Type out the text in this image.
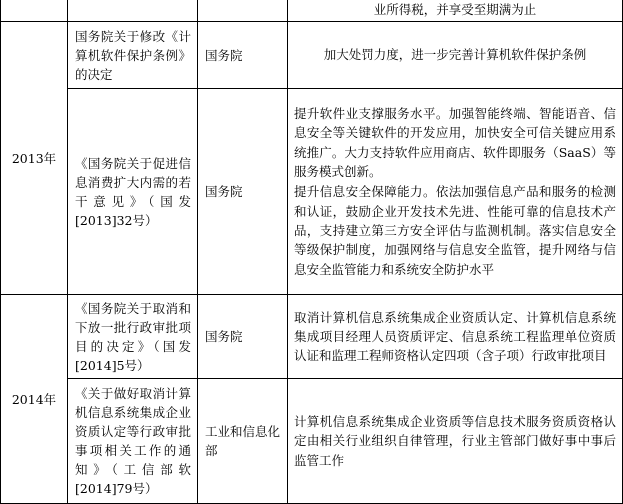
			业所得税，并享受至期满为止

2013年	国务院关于修改《计算机软件保护条例》的决定	国务院	加大处罚力度，进一步完善计算机软件保护条例

	《国务院关于促进信息消费扩大内需的若干意见》（国发[2013]32号）	国务院	提升软件业支撑服务水平。加强智能终端、智能语音、信息安全等关键软件的开发应用，加快安全可信关键应用系统推广。大力支持软件应用商店、软件即服务（SaaS）等服务模式创新。
提升信息安全保障能力。依法加强信息产品和服务的检测和认证，鼓励企业开发技术先进、性能可靠的信息技术产品，支持建立第三方安全评估与监测机制。落实信息安全等级保护制度，加强网络与信息安全监管，提升网络与信息安全监管能力和系统安全防护水平

2014年	《国务院关于取消和下放一批行政审批项目的决定》（国发[2014]5号）	国务院	取消计算机信息系统集成企业资质认定、计算机信息系统集成项目经理人员资质评定、信息系统工程监理单位资质认证和监理工程师资格认定四项（含子项）行政审批项目

	《关于做好取消计算机信息系统集成企业资质认定等行政审批事项相关工作的通知》（工信部软[2014]79号）	工业和信息化部	计算机信息系统集成企业资质等信息技术服务资质资格认定由相关行业组织自律管理，行业主管部门做好事中事后监管工作
